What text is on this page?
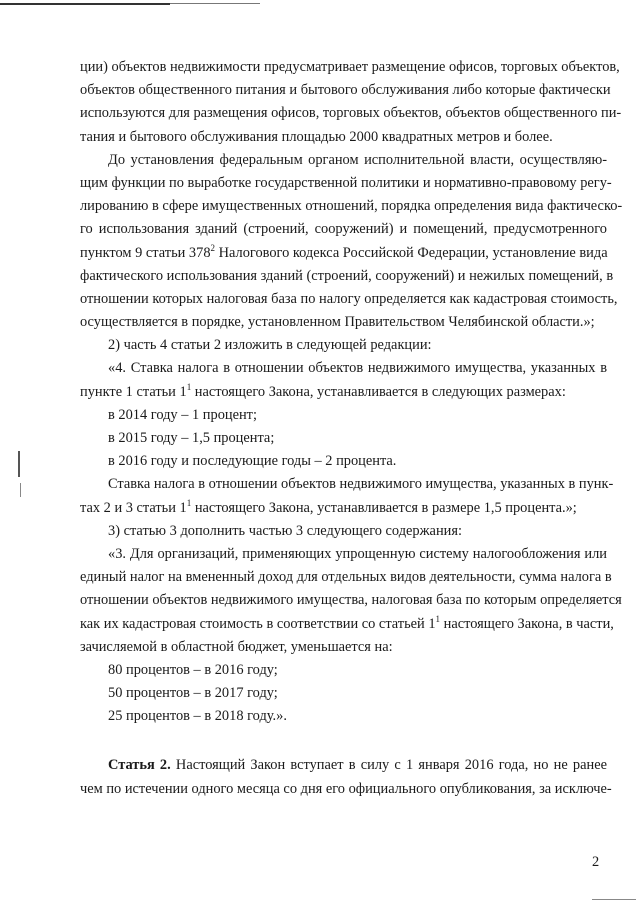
ции) объектов недвижимости предусматривает размещение офисов, торговых объектов,
объектов общественного питания и бытового обслуживания либо которые фактически
используются для размещения офисов, торговых объектов, объектов общественного пи-
тания и бытового обслуживания площадью 2000 квадратных метров и более.
До установления федеральным органом исполнительной власти, осуществляю-
щим функции по выработке государственной политики и нормативно-правовому регу-
лированию в сфере имущественных отношений, порядка определения вида фактическо-
го использования зданий (строений, сооружений) и помещений, предусмотренного
пунктом 9 статьи $378^2$ Налогового кодекса Российской Федерации, установление вида
фактического использования зданий (строений, сооружений) и нежилых помещений, в
отношении которых налоговая база по налогу определяется как кадастровая стоимость,
осуществляется в порядке, установленном Правительством Челябинской области.»;
2) часть 4 статьи 2 изложить в следующей редакции:
«4. Ставка налога в отношении объектов недвижимого имущества, указанных в
пункте 1 статьи $1^1$ настоящего Закона, устанавливается в следующих размерах:
в 2014 году – 1 процент;
в 2015 году – 1,5 процента;
в 2016 году и последующие годы – 2 процента.
Ставка налога в отношении объектов недвижимого имущества, указанных в пунк-
тах 2 и 3 статьи $1^1$ настоящего Закона, устанавливается в размере 1,5 процента.»;
3) статью 3 дополнить частью 3 следующего содержания:
«3. Для организаций, применяющих упрощенную систему налогообложения или
единый налог на вмененный доход для отдельных видов деятельности, сумма налога в
отношении объектов недвижимого имущества, налоговая база по которым определяется
как их кадастровая стоимость в соответствии со статьей $1^1$ настоящего Закона, в части,
зачисляемой в областной бюджет, уменьшается на:
80 процентов – в 2016 году;
50 процентов – в 2017 году;
25 процентов – в 2018 году.».
Статья 2. Настоящий Закон вступает в силу с 1 января 2016 года, но не ранее
чем по истечении одного месяца со дня его официального опубликования, за исключе-
2
